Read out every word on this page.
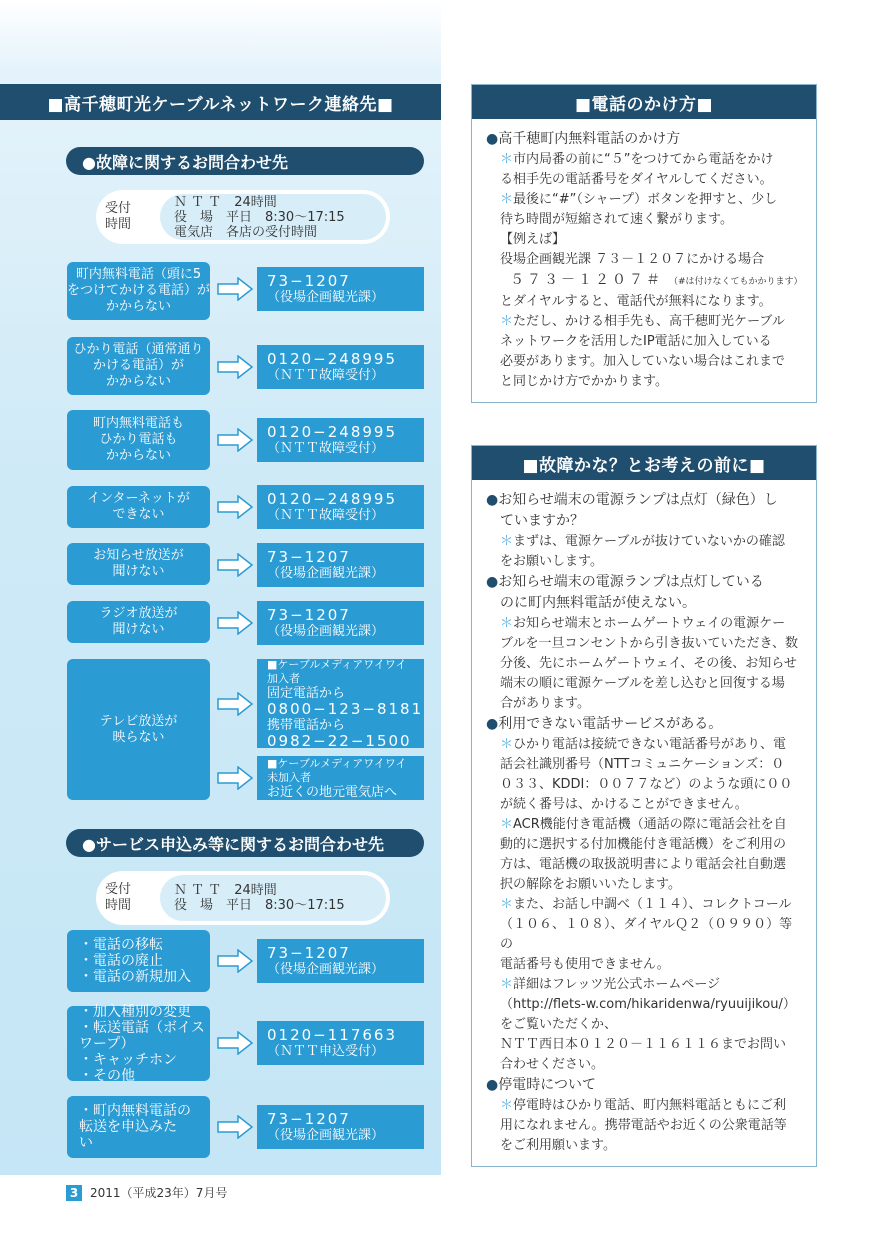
■高千穂町光ケーブルネットワーク連絡先■
●故障に関するお問合わせ先
受付
時間
Ｎ Ｔ Ｔ　24時間
役　場　平日　8:30～17:15
電気店　各店の受付時間
町内無料電話（頭に5
をつけてかける電話）が
かからない
73−1207
（役場企画観光課）
ひかり電話（通常通り
かける電話）が
かからない
0120−248995
（ＮＴＴ故障受付）
町内無料電話も
ひかり電話も
かからない
0120−248995
（ＮＴＴ故障受付）
インターネットが
できない
0120−248995
（ＮＴＴ故障受付）
お知らせ放送が
聞けない
73−1207
（役場企画観光課）
ラジオ放送が
聞けない
73−1207
（役場企画観光課）
テレビ放送が
映らない
■ケーブルメディアワイワイ加入者
固定電話から
0800−123−8181
携帯電話から
0982−22−1500
■ケーブルメディアワイワイ未加入者
お近くの地元電気店へ
●サービス申込み等に関するお問合わせ先
受付
時間
Ｎ Ｔ Ｔ　24時間
役　場　平日　8:30～17:15
・電話の移転
・電話の廃止
・電話の新規加入
73−1207
（役場企画観光課）
・加入種別の変更
・転送電話（ボイスワープ）
・キャッチホン
・その他
0120−117663
（ＮＴＴ申込受付）
・町内無料電話の
転送を申込みた
い
73−1207
（役場企画観光課）
■電話のかけ方■
● 高千穂町内無料電話のかけ方
＊市内局番の前に“５”をつけてから電話をかけ
る相手先の電話番号をダイヤルしてください。
＊最後に“#”（シャープ）ボタンを押すと、少し
待ち時間が短縮されて速く繋がります。
【例えば】
役場企画観光課 ７３－１２０７にかける場合
５７３－１２０７＃ （#は付けなくてもかかります）
とダイヤルすると、電話代が無料になります。
＊ただし、かける相手先も、高千穂町光ケーブル
ネットワークを活用したIP電話に加入している
必要があります。加入していない場合はこれまで
と同じかけ方でかかります。
■故障かな？とお考えの前に■
● お知らせ端末の電源ランプは点灯（緑色）し
ていますか？
＊まずは、電源ケーブルが抜けていないかの確認
をお願いします。
● お知らせ端末の電源ランプは点灯している
のに町内無料電話が使えない。
＊お知らせ端末とホームゲートウェイの電源ケー
ブルを一旦コンセントから引き抜いていただき、数
分後、先にホームゲートウェイ、その後、お知らせ
端末の順に電源ケーブルを差し込むと回復する場
合があります。
● 利用できない電話サービスがある。
＊ひかり電話は接続できない電話番号があり、電
話会社識別番号（NTTコミュニケーションズ：０
０３３、KDDI：００７７など）のような頭に００
が続く番号は、かけることができません。
＊ACR機能付き電話機（通話の際に電話会社を自
動的に選択する付加機能付き電話機）をご利用の
方は、電話機の取扱説明書により電話会社自動選
択の解除をお願いいたします。
＊また、お話し中調べ（１１４）、コレクトコール
（１０６、１０８）、ダイヤルＱ２（０９９０）等の
電話番号も使用できません。
＊詳細はフレッツ光公式ホームページ
（http://flets-w.com/hikaridenwa/ryuuijikou/）
をご覧いただくか、
ＮＴＴ西日本０１２０－１１６１１６までお問い
合わせください。
● 停電時について
＊停電時はひかり電話、町内無料電話ともにご利
用になれません。携帯電話やお近くの公衆電話等
をご利用願います。
3 2011（平成23年）7月号
